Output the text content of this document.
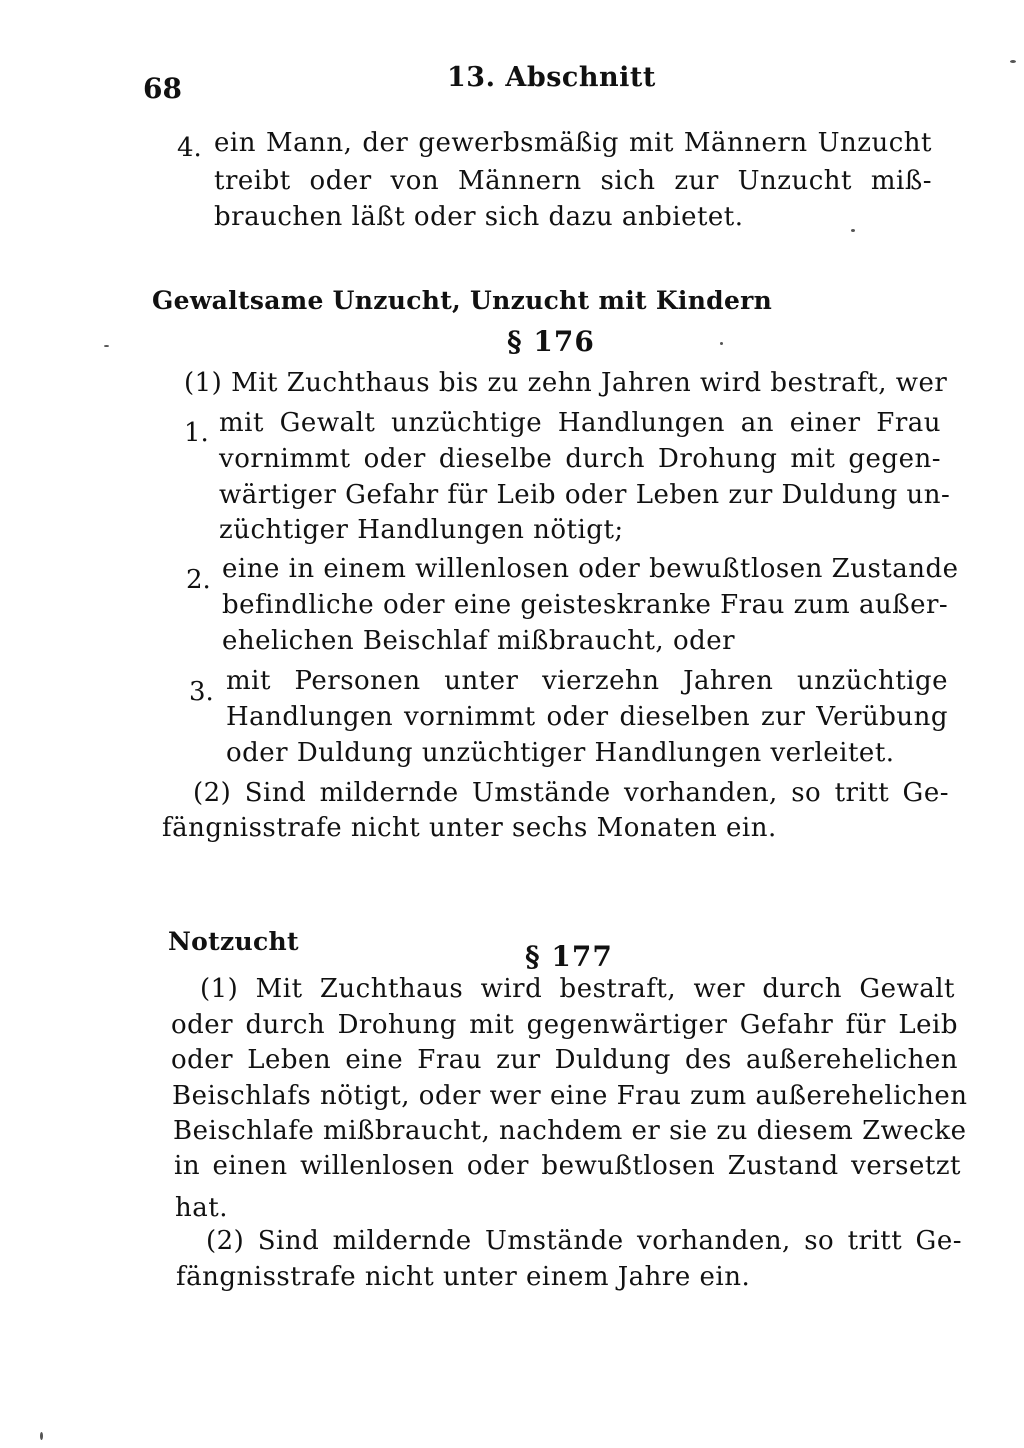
68	13. Abschnitt
4. ein Mann, der gewerbsmäßig mit Männern Unzucht
treibt oder von Männern sich zur Unzucht miß-
brauchen läßt oder sich dazu anbietet.
Gewaltsame Unzucht, Unzucht mit Kindern
§ 176
(1) Mit Zuchthaus bis zu zehn Jahren wird bestraft, wer
1. mit Gewalt unzüchtige Handlungen an einer Frau
vornimmt oder dieselbe durch Drohung mit gegen-
wärtiger Gefahr für Leib oder Leben zur Duldung un-
züchtiger Handlungen nötigt;
2. eine in einem willenlosen oder bewußtlosen Zustande
befindliche oder eine geisteskranke Frau zum außer-
ehelichen Beischlaf mißbraucht, oder
3. mit Personen unter vierzehn Jahren unzüchtige
Handlungen vornimmt oder dieselben zur Verübung
oder Duldung unzüchtiger Handlungen verleitet.
(2) Sind mildernde Umstände vorhanden, so tritt Ge-
fängnisstrafe nicht unter sechs Monaten ein.
Notzucht	§ 177
(1) Mit Zuchthaus wird bestraft, wer durch Gewalt
oder durch Drohung mit gegenwärtiger Gefahr für Leib
oder Leben eine Frau zur Duldung des außerehelichen
Beischlafs nötigt, oder wer eine Frau zum außerehelichen
Beischlafe mißbraucht, nachdem er sie zu diesem Zwecke
in einen willenlosen oder bewußtlosen Zustand versetzt
hat.
(2) Sind mildernde Umstände vorhanden, so tritt Ge-
fängnisstrafe nicht unter einem Jahre ein.
